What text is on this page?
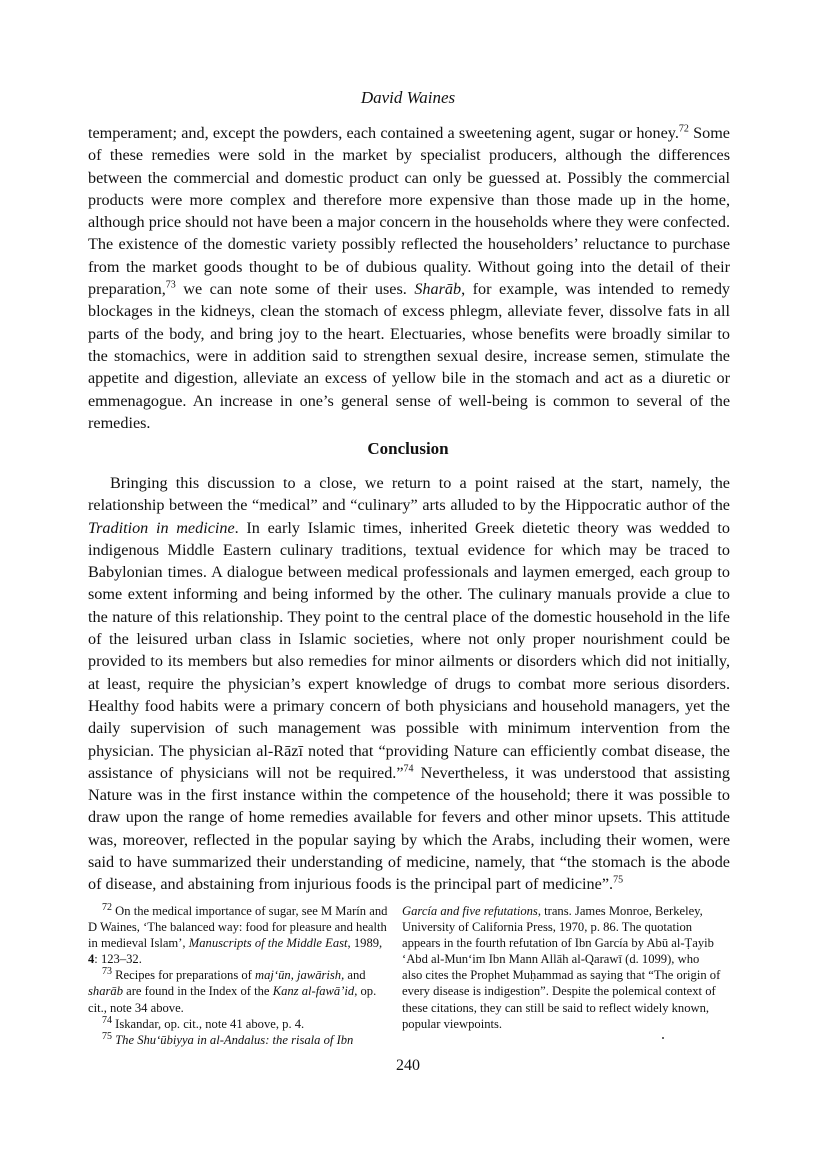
David Waines
temperament; and, except the powders, each contained a sweetening agent, sugar or honey.$^{72}$ Some of these remedies were sold in the market by specialist producers, although the differences between the commercial and domestic product can only be guessed at. Possibly the commercial products were more complex and therefore more expensive than those made up in the home, although price should not have been a major concern in the households where they were confected. The existence of the domestic variety possibly reflected the householders’ reluctance to purchase from the market goods thought to be of dubious quality. Without going into the detail of their preparation,$^{73}$ we can note some of their uses. Sharāb, for example, was intended to remedy blockages in the kidneys, clean the stomach of excess phlegm, alleviate fever, dissolve fats in all parts of the body, and bring joy to the heart. Electuaries, whose benefits were broadly similar to the stomachics, were in addition said to strengthen sexual desire, increase semen, stimulate the appetite and digestion, alleviate an excess of yellow bile in the stomach and act as a diuretic or emmenagogue. An increase in one’s general sense of well-being is common to several of the remedies.
Conclusion
Bringing this discussion to a close, we return to a point raised at the start, namely, the relationship between the “medical” and “culinary” arts alluded to by the Hippocratic author of the Tradition in medicine. In early Islamic times, inherited Greek dietetic theory was wedded to indigenous Middle Eastern culinary traditions, textual evidence for which may be traced to Babylonian times. A dialogue between medical professionals and laymen emerged, each group to some extent informing and being informed by the other. The culinary manuals provide a clue to the nature of this relationship. They point to the central place of the domestic household in the life of the leisured urban class in Islamic societies, where not only proper nourishment could be provided to its members but also remedies for minor ailments or disorders which did not initially, at least, require the physician’s expert knowledge of drugs to combat more serious disorders. Healthy food habits were a primary concern of both physicians and household managers, yet the daily supervision of such management was possible with minimum intervention from the physician. The physician al-Rāzī noted that “providing Nature can efficiently combat disease, the assistance of physicians will not be required.”$^{74}$ Nevertheless, it was understood that assisting Nature was in the first instance within the competence of the household; there it was possible to draw upon the range of home remedies available for fevers and other minor upsets. This attitude was, moreover, reflected in the popular saying by which the Arabs, including their women, were said to have summarized their understanding of medicine, namely, that “the stomach is the abode of disease, and abstaining from injurious foods is the principal part of medicine”.$^{75}$

$^{72}$ On the medical importance of sugar, see M Marín and D Waines, ‘The balanced way: food for pleasure and health in medieval Islam’, Manuscripts of the Middle East, 1989, 4: 123–32.

$^{73}$ Recipes for preparations of maj‘ūn, jawārish, and sharāb are found in the Index of the Kanz al-fawā’id, op. cit., note 34 above.

$^{74}$ Iskandar, op. cit., note 41 above, p. 4.

$^{75}$ The Shu‘ūbiyya in al-Andalus: the risala of Ibn

García and five refutations, trans. James Monroe, Berkeley, University of California Press, 1970, p. 86. The quotation appears in the fourth refutation of Ibn García by Abū al-Ṭayib ‘Abd al-Mun‘im Ibn Mann Allāh al-Qarawī (d. 1099), who also cites the Prophet Muḥammad as saying that “The origin of every disease is indigestion”. Despite the polemical context of these citations, they can still be said to reflect widely known, popular viewpoints.

240
